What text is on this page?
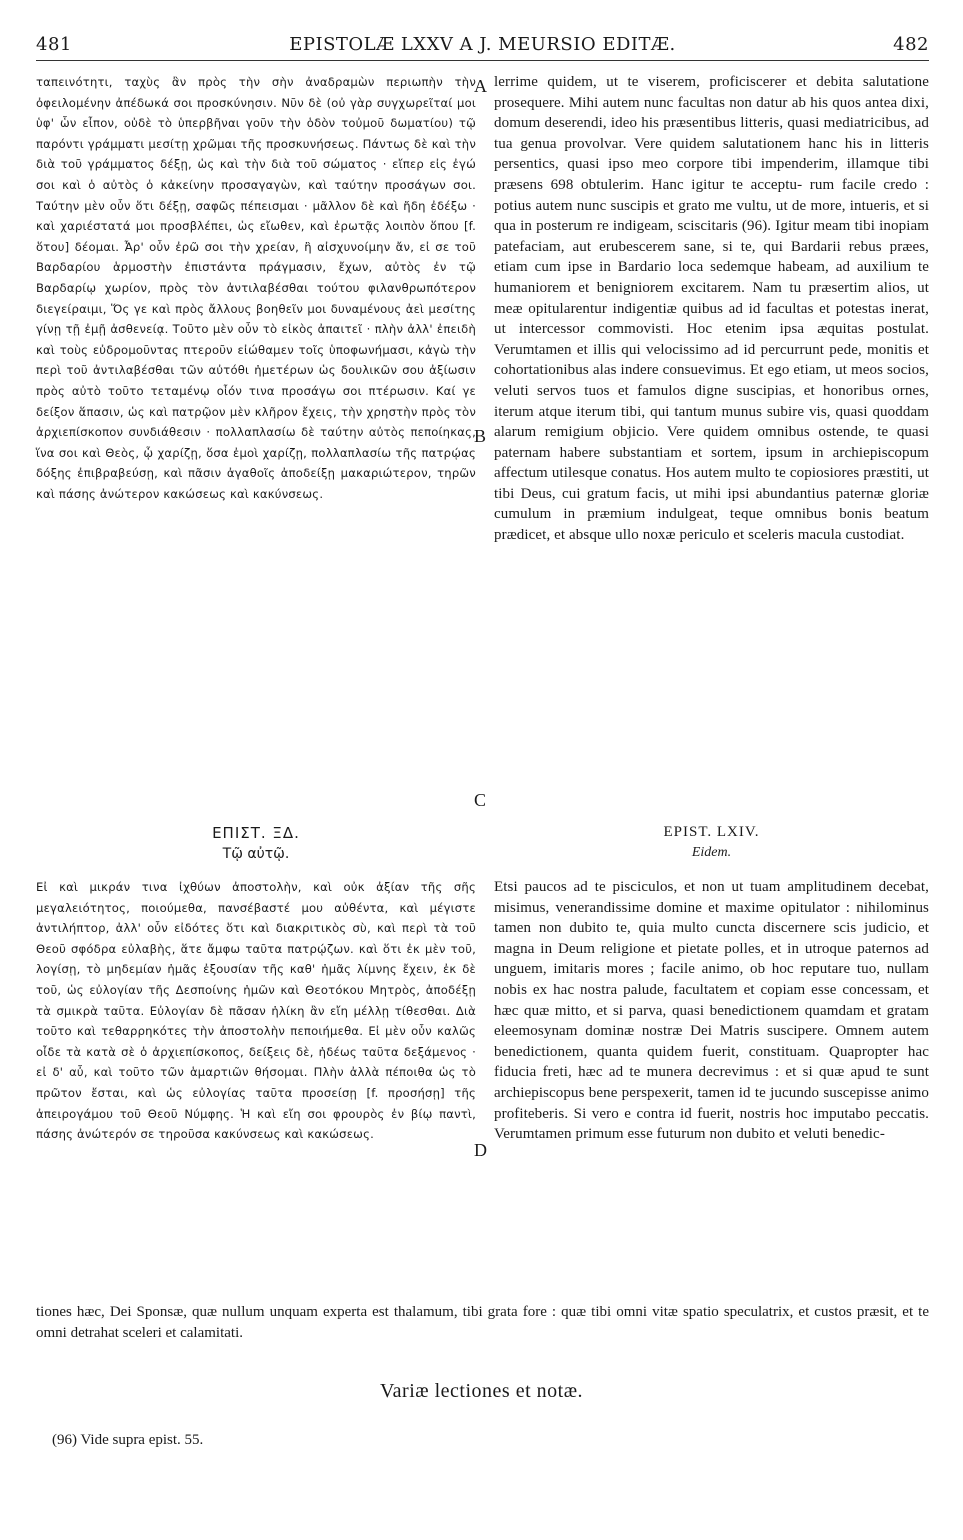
481	EPISTOLÆ LXXV A J. MEURSIO EDITÆ.	482

ταπεινότητι, ταχὺς ἂν πρὸς τὴν σὴν ἀναδραμὼν περιωπὴν τὴν ὀφειλομένην ἀπέδωκά σοι προσκύνησιν. Νῦν δὲ (οὐ γὰρ συγχωρεῖταί μοι ὑφ' ὧν εἶπον, οὐδὲ τὸ ὑπερβῆναι γοῦν τὴν ὁδὸν τοὐμοῦ δωματίου) τῷ παρόντι γράμματι μεσίτῃ χρῶμαι τῆς προσκυνήσεως. Πάντως δὲ καὶ τὴν διὰ τοῦ γράμματος δέξῃ, ὡς καὶ τὴν διὰ τοῦ σώματος · εἴπερ εἰς ἐγώ σοι καὶ ὁ αὐτὸς ὁ κἀκείνην προσαγαγὼν, καὶ ταύτην προσάγων σοι. Ταύτην μὲν οὖν ὅτι δέξῃ, σαφῶς πέπεισμαι · μᾶλλον δὲ καὶ ἤδη ἐδέξω · καὶ χαριέστατά μοι προσβλέπει, ὡς εἴωθεν, καὶ ἐρωτᾷς λοιπὸν ὅπου [f. ὅτου] δέομαι. Ἆρ' οὖν ἐρῶ σοι τὴν χρείαν, ἢ αἰσχυνοίμην ἄν, εἰ σε τοῦ Βαρδαρίου ἁρμοστὴν ἐπιστάντα πράγμασιν, ἔχων, αὐτὸς ἐν τῷ Βαρδαρίῳ χωρίον, πρὸς τὸν ἀντιλαβέσθαι τούτου φιλανθρωπότερον διεγείραιμι, Ὅς γε καὶ πρὸς ἄλλους βοηθεῖν μοι δυναμένους ἀεὶ μεσίτης γίνῃ τῇ ἐμῇ ἀσθενείᾳ. Τοῦτο μὲν οὖν τὸ εἰκὸς ἀπαιτεῖ · πλὴν ἀλλ' ἐπειδὴ καὶ τοὺς εὐδρομοῦντας πτεροῦν εἰώθαμεν τοῖς ὑποφωνήμασι, κἀγὼ τὴν περὶ τοῦ ἀντιλαβέσθαι τῶν αὐτόθι ἡμετέρων ὡς δουλικῶν σου ἀξίωσιν πρὸς αὐτὸ τοῦτο τεταμένῳ οἷόν τινα προσάγω σοι πτέρωσιν. Καί γε δείξον ἅπασιν, ὡς καὶ πατρῷον μὲν κλῆρον ἔχεις, τὴν χρηστὴν πρὸς τὸν ἀρχιεπίσκοπον συνδιάθεσιν · πολλαπλασίω δὲ ταύτην αὐτὸς πεποίηκας, ἵνα σοι καὶ Θεὸς, ᾧ χαρίζῃ, ὅσα ἐμοὶ χαρίζῃ, πολλαπλασίω τῆς πατρῴας δόξης ἐπιβραβεύσῃ, καὶ πᾶσιν ἀγαθοῖς ἀποδείξῃ μακαριώτερον, τηρῶν καὶ πάσης ἀνώτερον κακώσεως καὶ κακύνσεως.

lerrime quidem, ut te viserem, proficiscerer et debita salutatione prosequere. Mihi autem nunc facultas non datur ab his quos antea dixi, domum deserendi, ideo his præsentibus litteris, quasi mediatricibus, ad tua genua provolvar. Vere quidem salutationem hanc his in litteris persentics, quasi ipso meo corpore tibi impenderim, illamque tibi præsens 698 obtulerim. Hanc igitur te acceptu- rum facile credo : potius autem nunc suscipis et grato me vultu, ut de more, intueris, et si qua in posterum re indigeam, sciscitaris (96). Igitur meam tibi inopiam patefaciam, aut erubescerem sane, si te, qui Bardarii rebus præes, etiam cum ipse in Bardario loca sedemque habeam, ad auxilium te humaniorem et benigniorem excitarem. Nam tu præsertim alios, ut meæ opitularentur indigentiæ quibus ad id facultas et potestas inerat, ut intercessor commovisti. Hoc etenim ipsa æquitas postulat. Verumtamen et illis qui velocissimo ad id percurrunt pede, monitis et cohortationibus alas indere consuevimus. Et ego etiam, ut meos socios, veluti servos tuos et famulos digne suscipias, et honoribus ornes, iterum atque iterum tibi, qui tantum munus subire vis, quasi quoddam alarum remigium objicio. Vere quidem omnibus ostende, te quasi paternam habere substantiam et sortem, ipsum in archiepiscopum affectum utilesque conatus. Hos autem multo te copiosiores præstiti, ut tibi Deus, cui gratum facis, ut mihi ipsi abundantius paternæ gloriæ cumulum in præmium indulgeat, teque omnibus bonis beatum prædicet, et absque ullo noxæ periculo et sceleris macula custodiat.

A
B
C
D
ΕΠΙΣΤ. ΞΔ.
Τῷ αὐτῷ.
EPIST. LXIV.
Eidem.

Εἰ καὶ μικράν τινα ἰχθύων ἀποστολὴν, καὶ οὐκ ἀξίαν τῆς σῆς μεγαλειότητος, ποιούμεθα, πανσέβαστέ μου αὐθέντα, καὶ μέγιστε ἀντιλήπτορ, ἀλλ' οὖν εἰδότες ὅτι καὶ διακριτικὸς σὺ, καὶ περὶ τὰ τοῦ Θεοῦ σφόδρα εὐλαβὴς, ἅτε ἄμφω ταῦτα πατρῴζων. καὶ ὅτι ἐκ μὲν τοῦ, λογίσῃ, τὸ μηδεμίαν ἡμᾶς ἐξουσίαν τῆς καθ' ἡμᾶς λίμνης ἔχειν, ἐκ δὲ τοῦ, ὡς εὐλογίαν τῆς Δεσποίνης ἡμῶν καὶ Θεοτόκου Μητρὸς, ἀποδέξῃ τὰ σμικρὰ ταῦτα. Εὐλογίαν δὲ πᾶσαν ἡλίκη ἂν εἴη μέλλῃ τίθεσθαι. Διὰ τοῦτο καὶ τεθαρρηκότες τὴν ἀποστολὴν πεποιήμεθα. Εἰ μὲν οὖν καλῶς οἶδε τὰ κατὰ σὲ ὁ ἀρχιεπίσκοπος, δείξεις δὲ, ἡδέως ταῦτα δεξάμενος · εἰ δ' αὖ, καὶ τοῦτο τῶν ἁμαρτιῶν θήσομαι. Πλὴν ἀλλὰ πέποιθα ὡς τὸ πρῶτον ἔσται, καὶ ὡς εὐλογίας ταῦτα προσείσῃ [f. προσήσῃ] τῆς ἀπειρογάμου τοῦ Θεοῦ Νύμφης. Ἡ καὶ εἴη σοι φρουρὸς ἐν βίῳ παντὶ, πάσης ἀνώτερόν σε τηροῦσα κακύνσεως καὶ κακώσεως.

Etsi paucos ad te pisciculos, et non ut tuam amplitudinem decebat, misimus, venerandissime domine et maxime opitulator : nihilominus tamen non dubito te, quia multo cuncta discernere scis judicio, et magna in Deum religione et pietate polles, et in utroque paternos ad unguem, imitaris mores ; facile animo, ob hoc reputare tuo, nullam nobis ex hac nostra palude, facultatem et copiam esse concessam, et hæc quæ mitto, et si parva, quasi benedictionem quamdam et gratam eleemosynam dominæ nostræ Dei Matris suscipere. Omnem autem benedictionem, quanta quidem fuerit, constituam. Quapropter hac fiducia freti, hæc ad te munera decrevimus : et si quæ apud te sunt archiepiscopus bene perspexerit, tamen id te jucundo suscepisse animo profiteberis. Si vero e contra id fuerit, nostris hoc imputabo peccatis. Verumtamen primum esse futurum non dubito et veluti benedic-

tiones hæc, Dei Sponsæ, quæ nullum unquam experta est thalamum, tibi grata fore : quæ tibi omni vitæ spatio speculatrix, et custos præsit, et te omni detrahat sceleri et calamitati.
Variæ lectiones et notæ.
(96) Vide supra epist. 55.
